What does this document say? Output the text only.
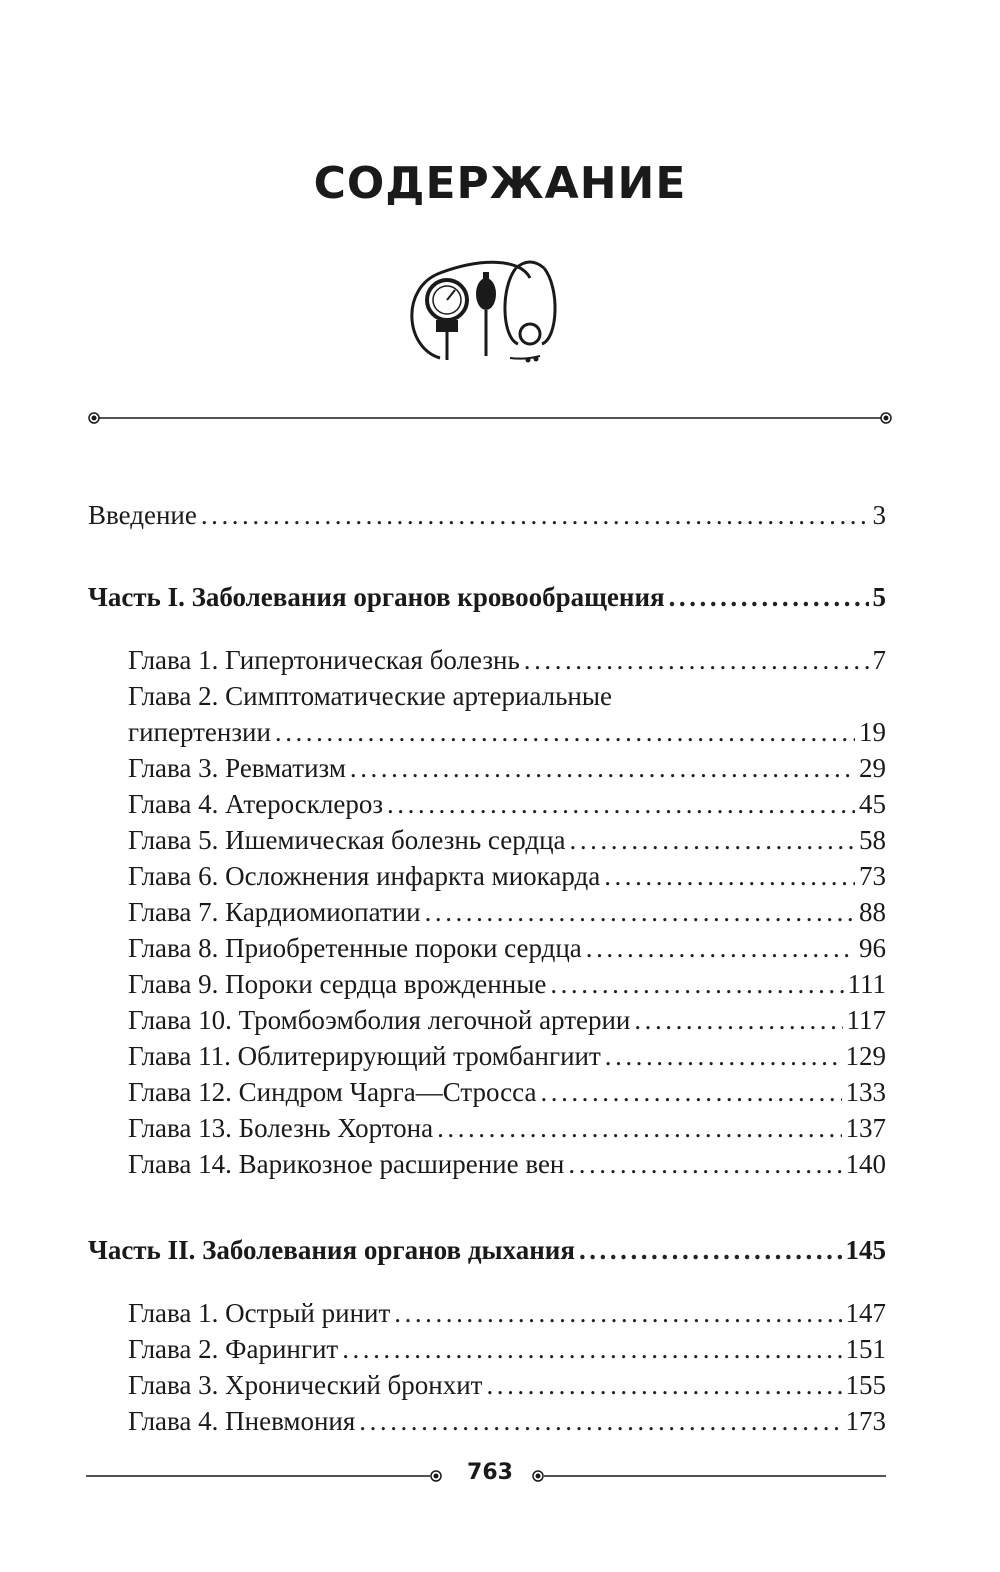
СОДЕРЖАНИЕ
Введение . . .	3
Часть I. Заболевания органов кровообращения . . .	5
Глава 1. Гипертоническая болезнь . . .	7
Глава 2. Симптоматические артериальные
гипертензии . . .	19
Глава 3. Ревматизм . . .	29
Глава 4. Атеросклероз . . .	45
Глава 5. Ишемическая болезнь сердца . . .	58
Глава 6. Осложнения инфаркта миокарда . . .	73
Глава 7. Кардиомиопатии . . .	88
Глава 8. Приобретенные пороки сердца . . .	96
Глава 9. Пороки сердца врожденные . . .	111
Глава 10. Тромбоэмболия легочной артерии . . .	117
Глава 11. Облитерирующий тромбангиит . . .	129
Глава 12. Синдром Чарга—Стросса . . .	133
Глава 13. Болезнь Хортона . . .	137
Глава 14. Варикозное расширение вен . . .	140
Часть II. Заболевания органов дыхания . . .	145
Глава 1. Острый ринит . . .	147
Глава 2. Фарингит . . .	151
Глава 3. Хронический бронхит . . .	155
Глава 4. Пневмония . . .	173
763
